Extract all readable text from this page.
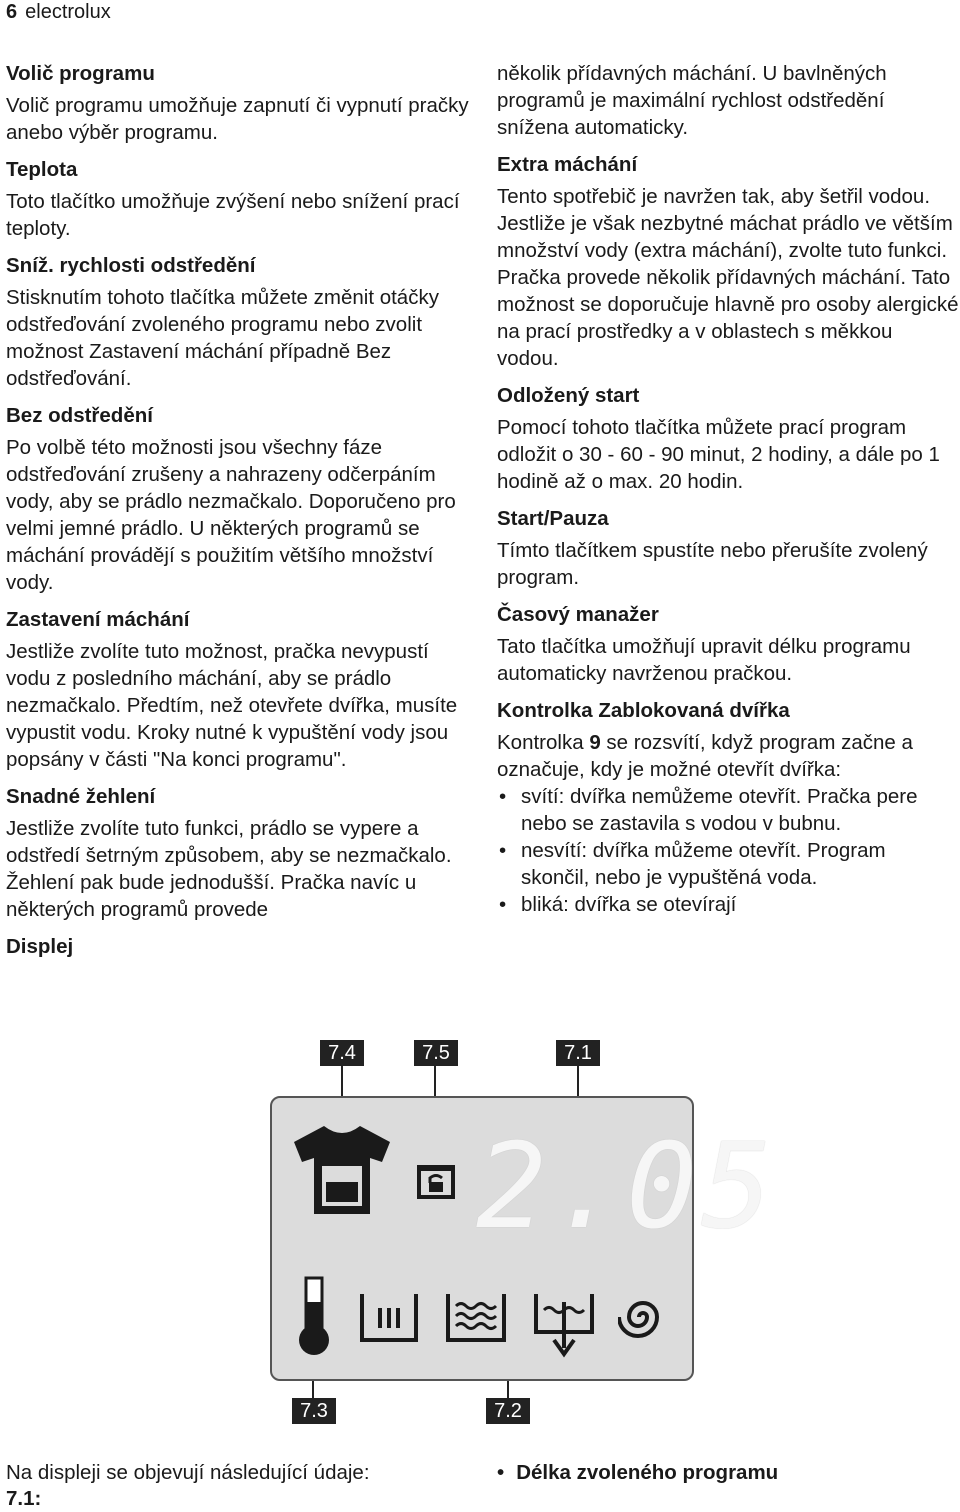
6 electrolux
Volič programu
Volič programu umožňuje zapnutí či vypnutí pračky anebo výběr programu.
Teplota
Toto tlačítko umožňuje zvýšení nebo snížení prací teploty.
Sníž. rychlosti odstředění
Stisknutím tohoto tlačítka můžete změnit otáčky odstřeďování zvoleného programu nebo zvolit možnost Zastavení máchání případně Bez odstřeďování.
Bez odstředění
Po volbě této možnosti jsou všechny fáze odstřeďování zrušeny a nahrazeny odčerpáním vody, aby se prádlo nezmačkalo. Doporučeno pro velmi jemné prádlo. U některých programů se máchání provádějí s použitím většího množství vody.
Zastavení máchání
Jestliže zvolíte tuto možnost, pračka nevypustí vodu z posledního máchání, aby se prádlo nezmačkalo. Předtím, než otevřete dvířka, musíte vypustit vodu. Kroky nutné k vypuštění vody jsou popsány v části "Na konci programu".
Snadné žehlení
Jestliže zvolíte tuto funkci, prádlo se vypere a odstředí šetrným způsobem, aby se nezmačkalo. Žehlení pak bude jednodušší. Pračka navíc u některých programů provede
Displej
několik přídavných máchání. U bavlněných programů je maximální rychlost odstředění snížena automaticky.
Extra máchání
Tento spotřebič je navržen tak, aby šetřil vodou. Jestliže je však nezbytné máchat prádlo ve větším množství vody (extra máchání), zvolte tuto funkci. Pračka provede několik přídavných máchání. Tato možnost se doporučuje hlavně pro osoby alergické na prací prostředky a v oblastech s měkkou vodou.
Odložený start
Pomocí tohoto tlačítka můžete prací program odložit o 30 - 60 - 90 minut, 2 hodiny, a dále po 1 hodině až o max. 20 hodin.
Start/Pauza
Tímto tlačítkem spustíte nebo přerušíte zvolený program.
Časový manažer
Tato tlačítka umožňují upravit délku programu automaticky navrženou pračkou.
Kontrolka Zablokovaná dvířka
Kontrolka 9 se rozsvítí, když program začne a označuje, kdy je možné otevřít dvířka:
• svítí: dvířka nemůžeme otevřít. Pračka pere nebo se zastavila s vodou v bubnu.
• nesvítí: dvířka můžeme otevřít. Program skončil, nebo je vypuštěná voda.
• bliká: dvířka se otevírají
7.4	7.5	7.1
2.05
7.3	7.2
Na displeji se objevují následující údaje:
7.1:
• Délka zvoleného programu
